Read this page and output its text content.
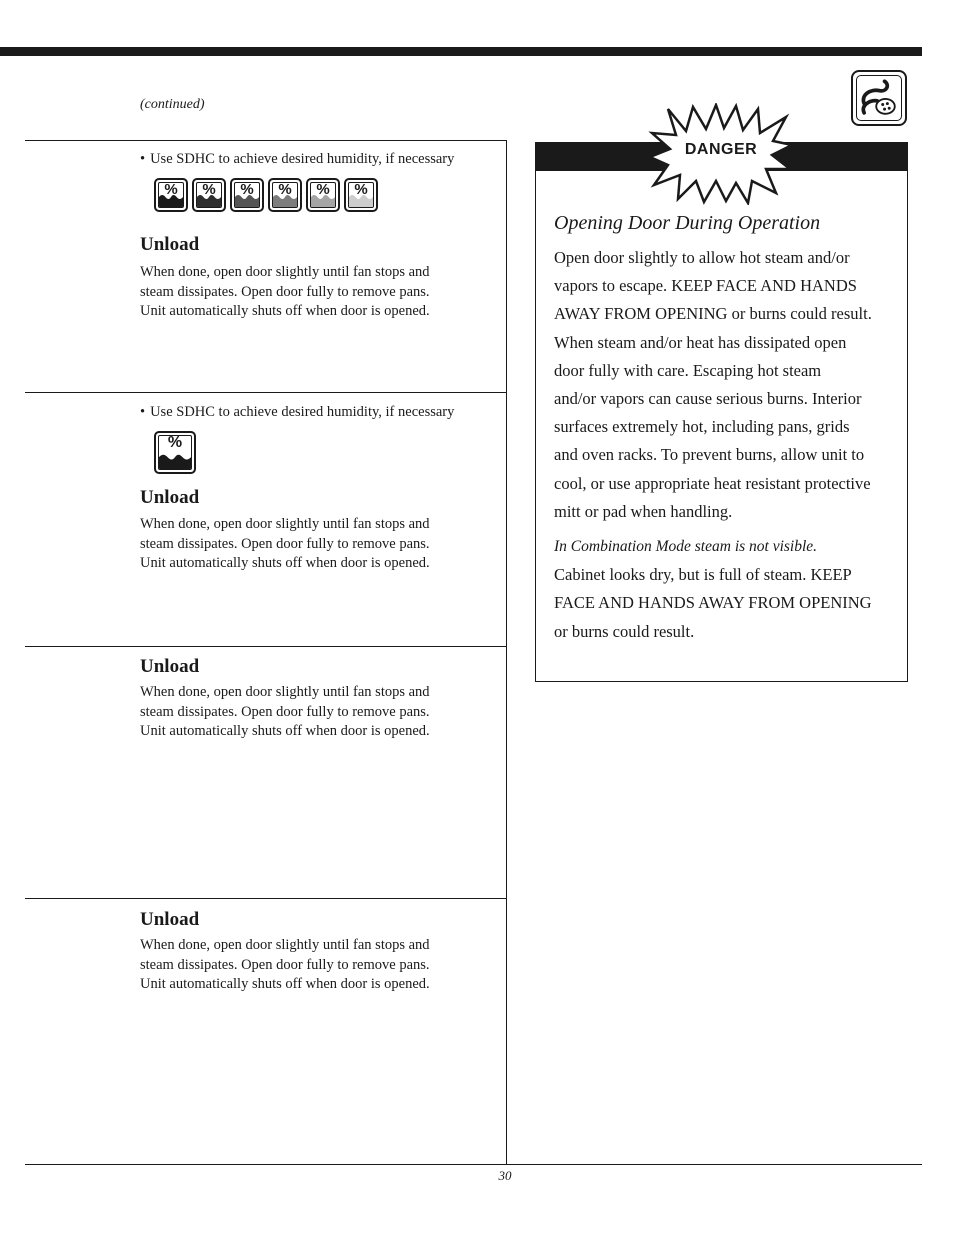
(continued)
• Use SDHC to achieve desired humidity, if necessary
%	%	%	%	%	%
Unload
When done, open door slightly until fan stops and
steam dissipates. Open door fully to remove pans.
Unit automatically shuts off when door is opened.
• Use SDHC to achieve desired humidity, if necessary
%
Unload
When done, open door slightly until fan stops and
steam dissipates. Open door fully to remove pans.
Unit automatically shuts off when door is opened.
Unload
When done, open door slightly until fan stops and
steam dissipates. Open door fully to remove pans.
Unit automatically shuts off when door is opened.
Unload
When done, open door slightly until fan stops and
steam dissipates. Open door fully to remove pans.
Unit automatically shuts off when door is opened.
DANGER
Opening Door During Operation
Open door slightly to allow hot steam and/or
vapors to escape. KEEP FACE AND HANDS
AWAY FROM OPENING or burns could result.
When steam and/or heat has dissipated open
door fully with care. Escaping hot steam
and/or vapors can cause serious burns. Interior
surfaces extremely hot, including pans, grids
and oven racks. To prevent burns, allow unit to
cool, or use appropriate heat resistant protective
mitt or pad when handling.
In Combination Mode steam is not visible.
Cabinet looks dry, but is full of steam. KEEP
FACE AND HANDS AWAY FROM OPENING
or burns could result.
30
